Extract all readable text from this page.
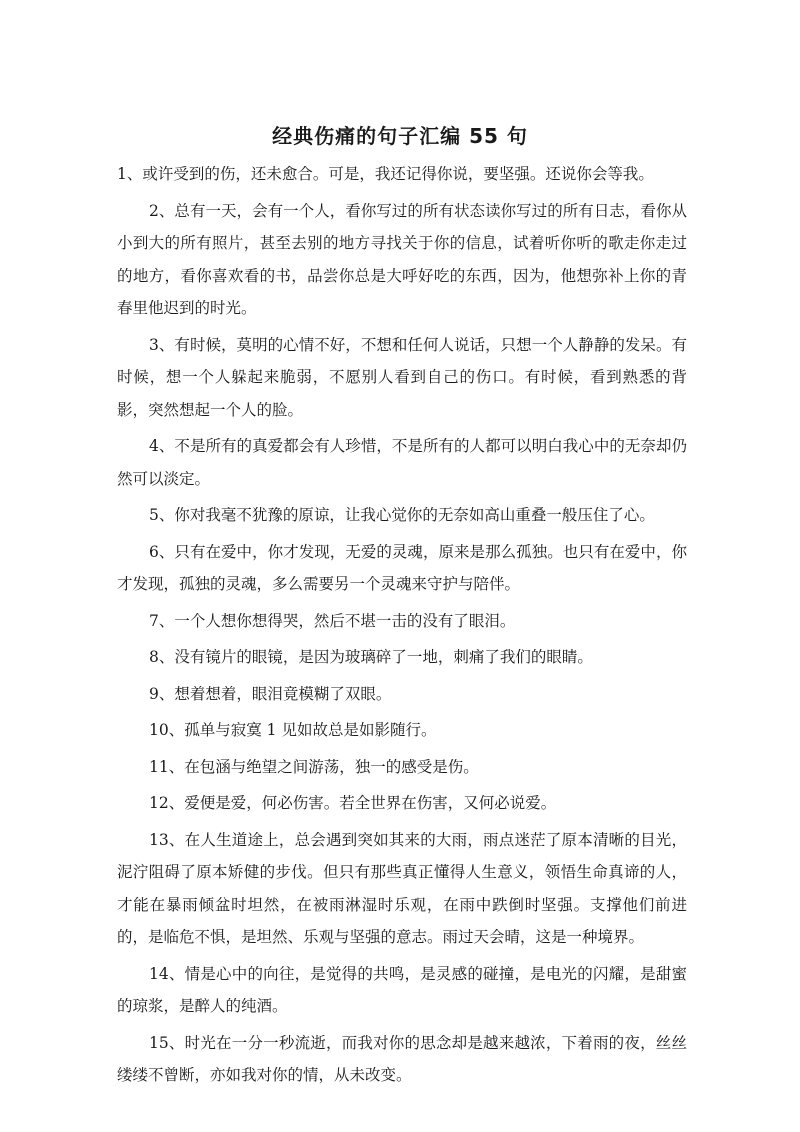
经典伤痛的句子汇编 55 句

1、或许受到的伤，还未愈合。可是，我还记得你说，要坚强。还说你会等我。

2、总有一天，会有一个人，看你写过的所有状态读你写过的所有日志，看你从小到大的所有照片，甚至去别的地方寻找关于你的信息，试着听你听的歌走你走过的地方，看你喜欢看的书，品尝你总是大呼好吃的东西，因为，他想弥补上你的青春里他迟到的时光。

3、有时候，莫明的心情不好，不想和任何人说话，只想一个人静静的发呆。有时候，想一个人躲起来脆弱，不愿别人看到自己的伤口。有时候，看到熟悉的背影，突然想起一个人的脸。

4、不是所有的真爱都会有人珍惜，不是所有的人都可以明白我心中的无奈却仍然可以淡定。

5、你对我毫不犹豫的原谅，让我心觉你的无奈如高山重叠一般压住了心。

6、只有在爱中，你才发现，无爱的灵魂，原来是那么孤独。也只有在爱中，你才发现，孤独的灵魂，多么需要另一个灵魂来守护与陪伴。

7、一个人想你想得哭，然后不堪一击的没有了眼泪。

8、没有镜片的眼镜，是因为玻璃碎了一地，刺痛了我们的眼睛。

9、想着想着，眼泪竟模糊了双眼。

10、孤单与寂寞 1 见如故总是如影随行。

11、在包涵与绝望之间游荡，独一的感受是伤。

12、爱便是爱，何必伤害。若全世界在伤害，又何必说爱。

13、在人生道途上，总会遇到突如其来的大雨，雨点迷茫了原本清晰的目光，泥泞阻碍了原本矫健的步伐。但只有那些真正懂得人生意义，领悟生命真谛的人，才能在暴雨倾盆时坦然，在被雨淋湿时乐观，在雨中跌倒时坚强。支撑他们前进的，是临危不惧，是坦然、乐观与坚强的意志。雨过天会晴，这是一种境界。

14、情是心中的向往，是觉得的共鸣，是灵感的碰撞，是电光的闪耀，是甜蜜的琼浆，是醉人的纯酒。

15、时光在一分一秒流逝，而我对你的思念却是越来越浓，下着雨的夜，丝丝缕缕不曾断，亦如我对你的情，从未改变。
